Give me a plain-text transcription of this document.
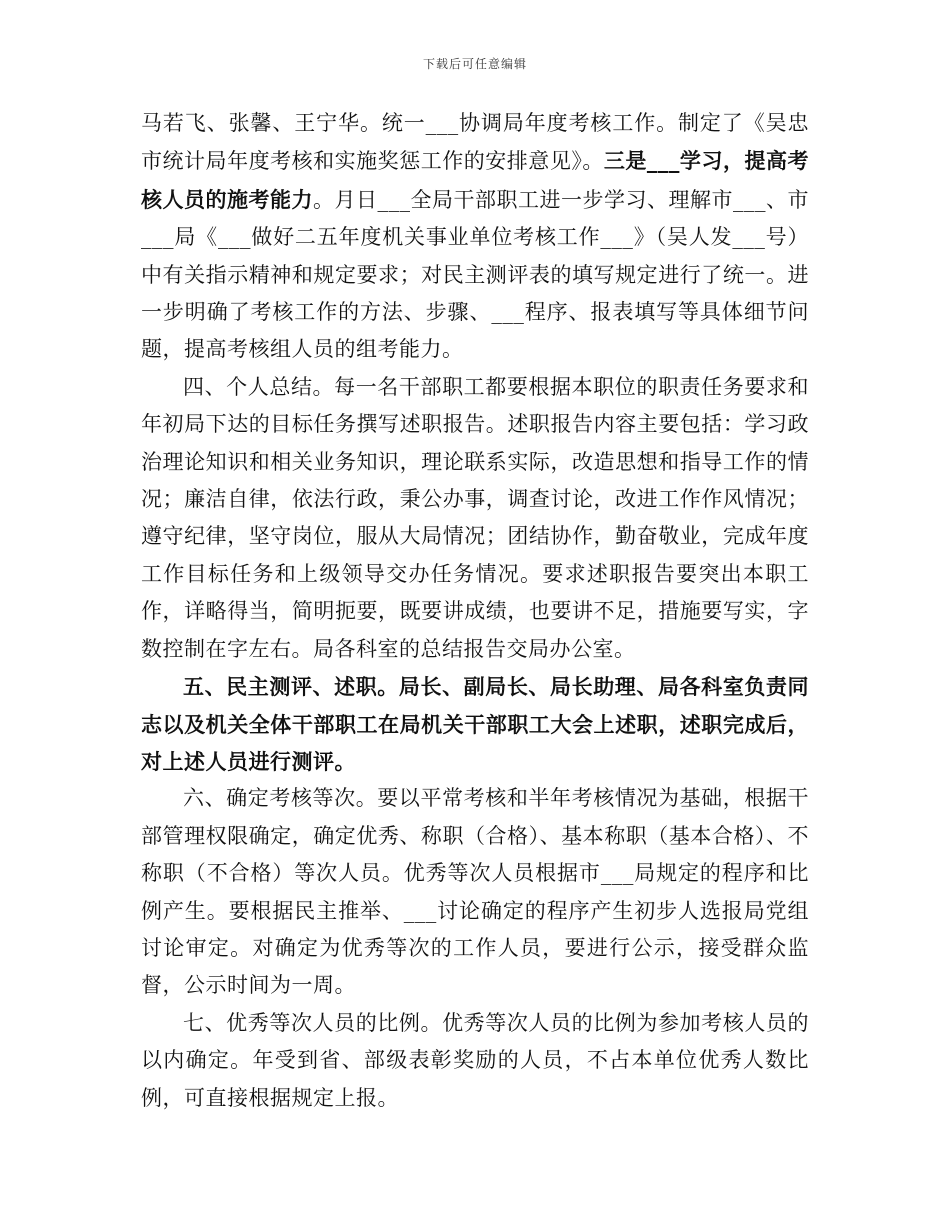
下载后可任意编辑

马若飞、张馨、王宁华。统一___协调局年度考核工作。制定了《吴忠市统计局年度考核和实施奖惩工作的安排意见》。三是___学习，提高考核人员的施考能力。月日___全局干部职工进一步学习、理解市___、市___局《___做好二五年度机关事业单位考核工作___》（吴人发___号）中有关指示精神和规定要求；对民主测评表的填写规定进行了统一。进一步明确了考核工作的方法、步骤、___程序、报表填写等具体细节问题，提高考核组人员的组考能力。

四、个人总结。每一名干部职工都要根据本职位的职责任务要求和年初局下达的目标任务撰写述职报告。述职报告内容主要包括：学习政治理论知识和相关业务知识，理论联系实际，改造思想和指导工作的情况；廉洁自律，依法行政，秉公办事，调查讨论，改进工作作风情况；遵守纪律，坚守岗位，服从大局情况；团结协作，勤奋敬业，完成年度工作目标任务和上级领导交办任务情况。要求述职报告要突出本职工作，详略得当，简明扼要，既要讲成绩，也要讲不足，措施要写实，字数控制在字左右。局各科室的总结报告交局办公室。

五、民主测评、述职。局长、副局长、局长助理、局各科室负责同志以及机关全体干部职工在局机关干部职工大会上述职，述职完成后，对上述人员进行测评。

六、确定考核等次。要以平常考核和半年考核情况为基础，根据干部管理权限确定，确定优秀、称职（合格）、基本称职（基本合格）、不称职（不合格）等次人员。优秀等次人员根据市___局规定的程序和比例产生。要根据民主推举、___讨论确定的程序产生初步人选报局党组讨论审定。对确定为优秀等次的工作人员，要进行公示，接受群众监督，公示时间为一周。

七、优秀等次人员的比例。优秀等次人员的比例为参加考核人员的以内确定。年受到省、部级表彰奖励的人员，不占本单位优秀人数比例，可直接根据规定上报。
